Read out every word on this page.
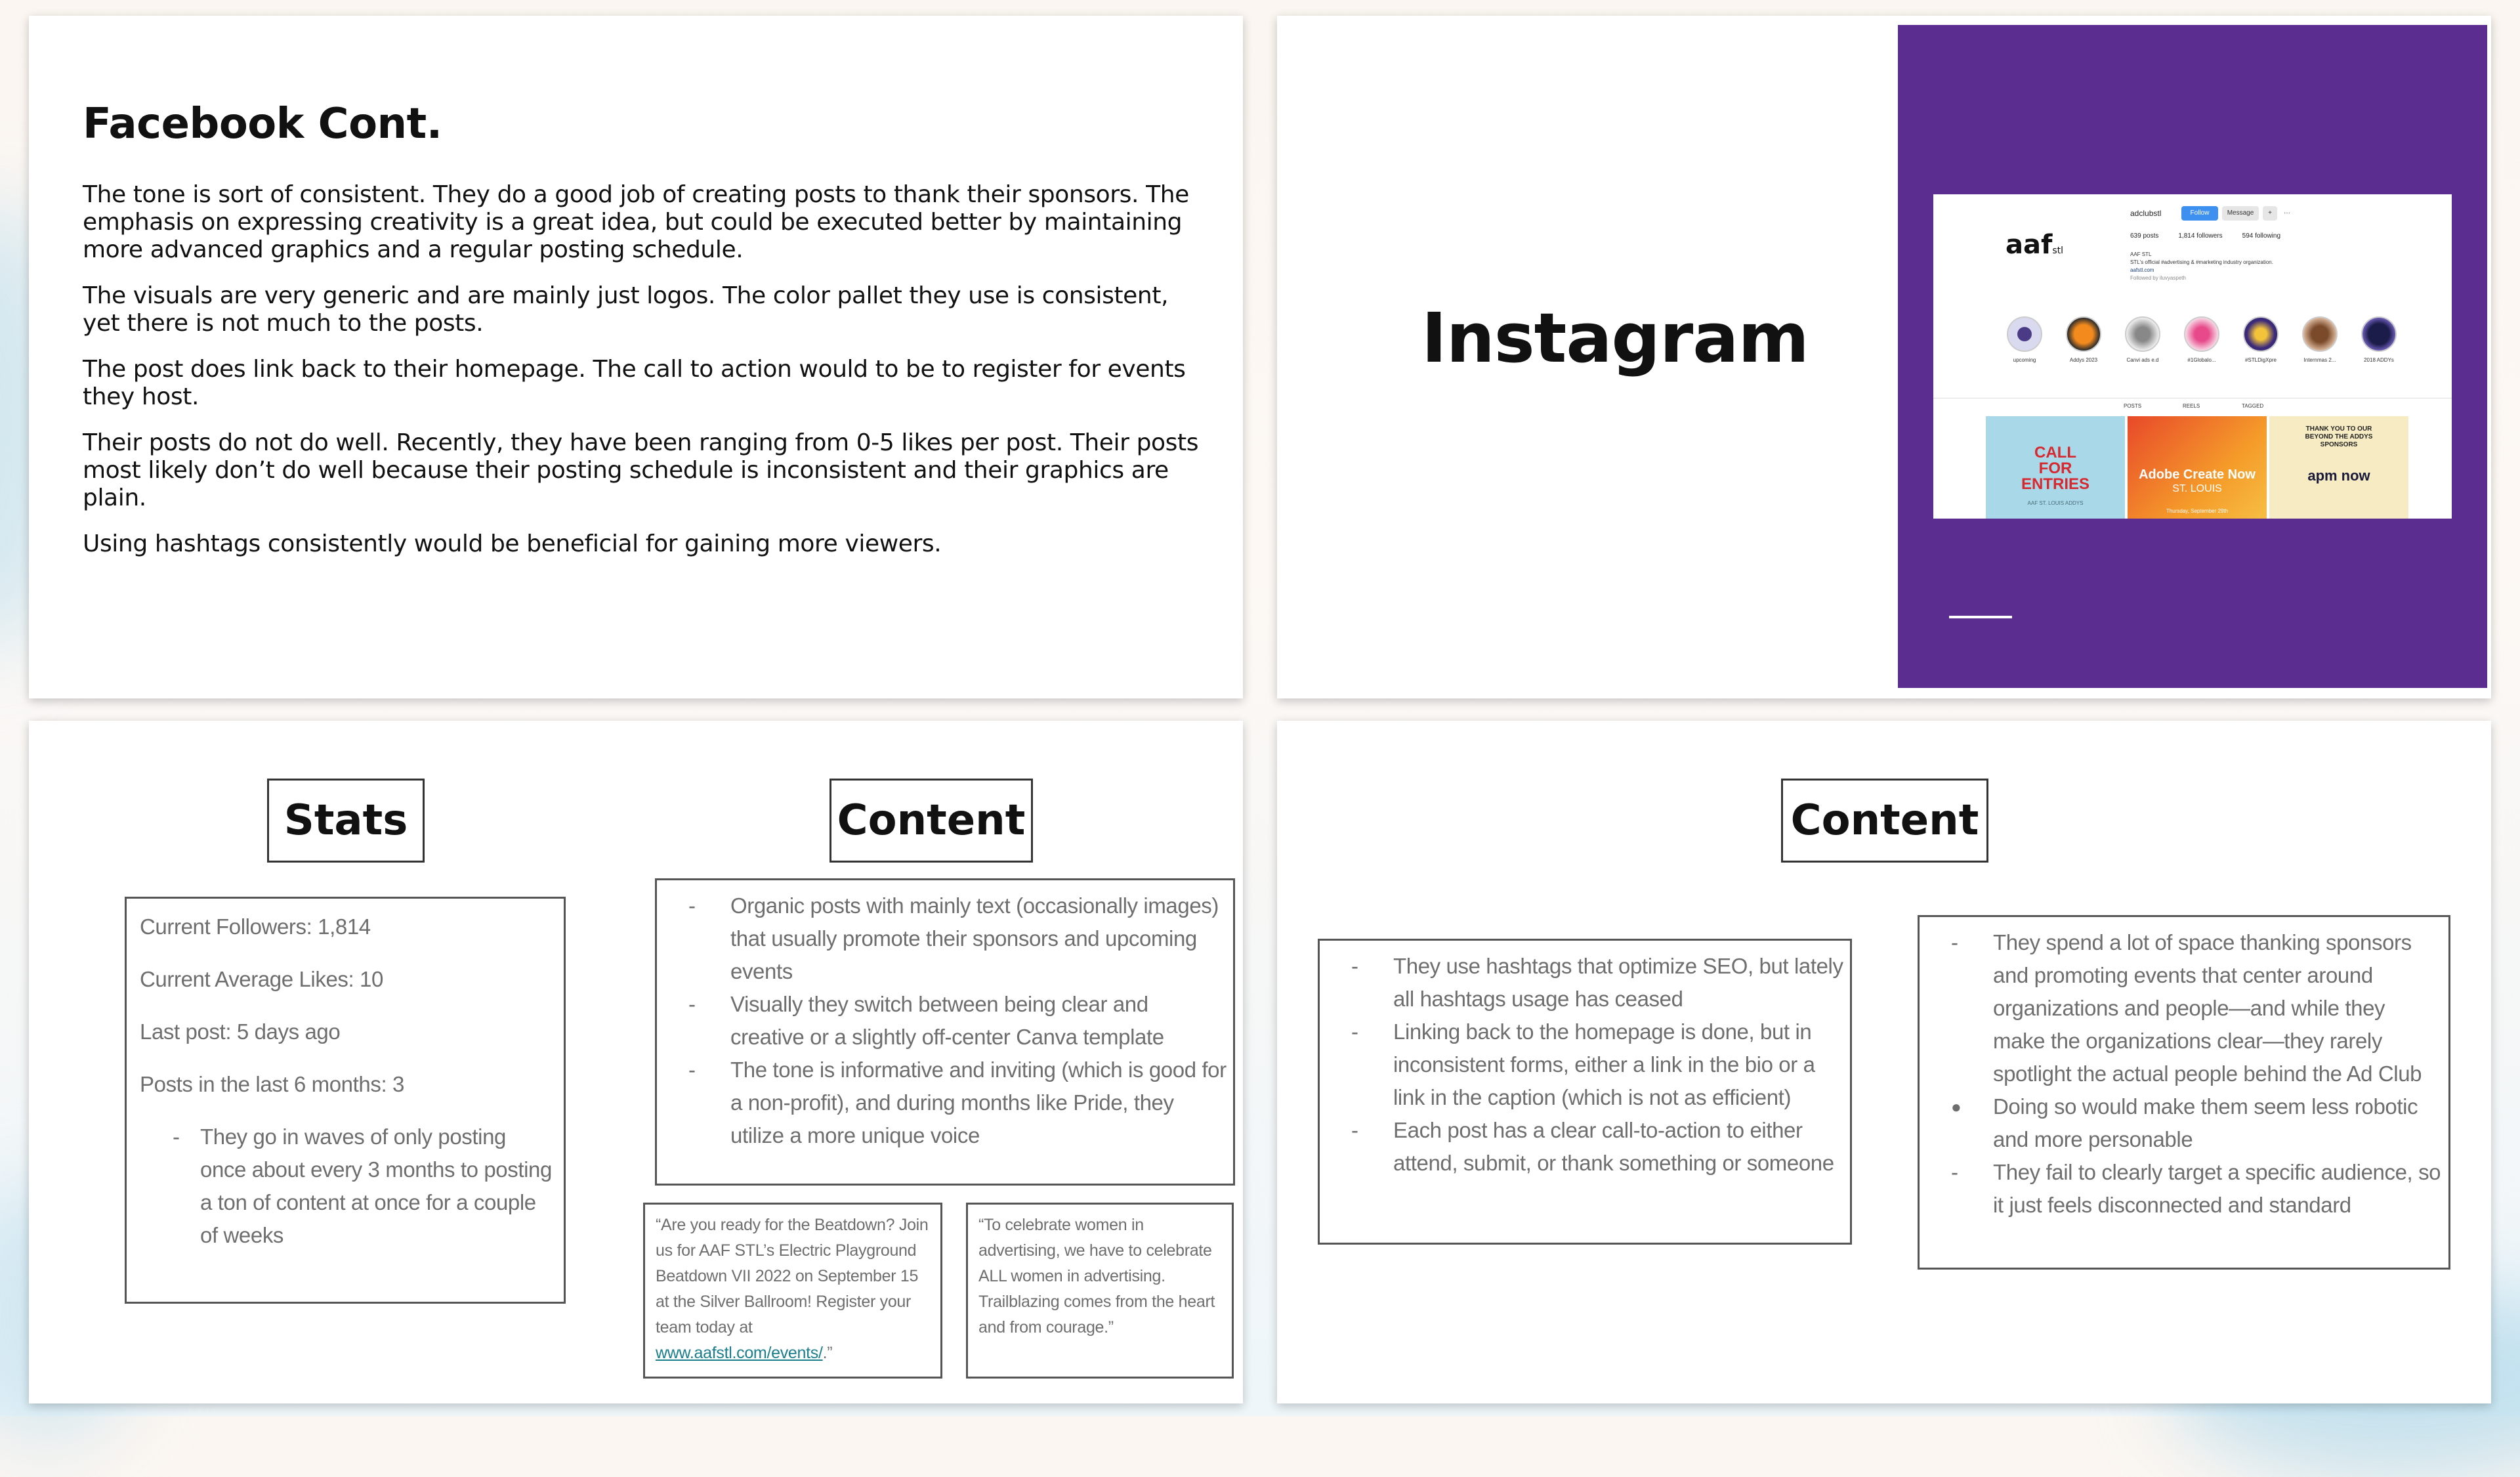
Facebook Cont.

The tone is sort of consistent. They do a good job of creating posts to thank their sponsors. The emphasis on expressing creativity is a great idea, but could be executed better by maintaining more advanced graphics and a regular posting schedule.

The visuals are very generic and are mainly just logos. The color pallet they use is consistent, yet there is not much to the posts.

The post does link back to their homepage. The call to action would to be to register for events they host.

Their posts do not do well. Recently, they have been ranging from 0-5 likes per post. Their posts most likely don’t do well because their posting schedule is inconsistent and their graphics are plain.

Using hashtags consistently would be beneficial for gaining more viewers.

Instagram
aafstl
adclubstl	Follow	Message	+	···
639 posts	1,814 followers	594 following
AAF STL
STL's official #advertising & #marketing industry organization.
aafstl.com
Followed by iluvyaspeth
upcoming	Addys 2023	Canvi ads e.d	#1Globalo...	#STLDigXpre	Internmas 2...	2018 ADDYs
POSTS	REELS	TAGGED
CALL
FOR
ENTRIES
AAF ST. LOUIS ADDYS
Adobe Create Now
ST. LOUIS
Thursday, September 29th
THANK YOU TO OUR
BEYOND THE ADDYS
SPONSORS
apm now
Stats	Content
Current Followers: 1,814
Current Average Likes: 10
Last post: 5 days ago
Posts in the last 6 months: 3
- They go in waves of only posting once about every 3 months to posting a ton of content at once for a couple of weeks
- Organic posts with mainly text (occasionally images) that usually promote their sponsors and upcoming events
- Visually they switch between being clear and creative or a slightly off-center Canva template
- The tone is informative and inviting (which is good for a non-profit), and during months like Pride, they utilize a more unique voice
“Are you ready for the Beatdown? Join us for AAF STL’s Electric Playground Beatdown VII 2022 on September 15 at the Silver Ballroom! Register your team today at www.aafstl.com/events/.”
“To celebrate women in advertising, we have to celebrate ALL women in advertising. Trailblazing comes from the heart and from courage.”
Content
- They use hashtags that optimize SEO, but lately all hashtags usage has ceased
- Linking back to the homepage is done, but in inconsistent forms, either a link in the bio or a link in the caption (which is not as efficient)
- Each post has a clear call-to-action to either attend, submit, or thank something or someone
- They spend a lot of space thanking sponsors and promoting events that center around organizations and people—and while they make the organizations clear—they rarely spotlight the actual people behind the Ad Club
● Doing so would make them seem less robotic and more personable
- They fail to clearly target a specific audience, so it just feels disconnected and standard
